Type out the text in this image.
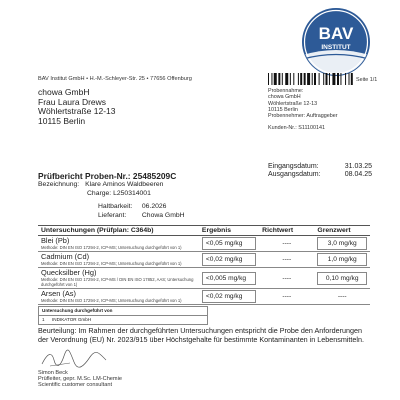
BAV
INSTITUT
BAV Institut GmbH • H.-M.-Schleyer-Str. 25 • 77656 Offenburg	Seite 1/1
chowa GmbH
Frau Laura Drews
Wöhlertstraße 12-13
10115 Berlin
Probennahme:
chowa GmbH
Wöhlertstraße 12-13
10115 Berlin
Probennehmer: Auftraggeber
Kunden-Nr.: S11100141
Eingangsdatum:	31.03.25
Ausgangsdatum:	08.04.25
Prüfbericht Proben-Nr.: 25485209C
Bezeichnung: Klare Aminos Waldbeeren
Charge: L250314001
Haltbarkeit: 06.2026
Lieferant: Chowa GmbH
Untersuchungen (Prüfplan: C364b)	Ergebnis	Richtwert	Grenzwert

Blei (Pb)
Methode: DIN EN ISO 17294-2, ICP-MS; Untersuchung durchgeführt von 1)	<0,05 mg/kg	----	3,0 mg/kg

Cadmium (Cd)
Methode: DIN EN ISO 17294-2, ICP-MS; Untersuchung durchgeführt von 1)	<0,02 mg/kg	----	1,0 mg/kg

Quecksilber (Hg)
Methode: DIN EN ISO 17294-2, ICP-MS / DIN EN ISO 17852, AAS; Untersuchung durchgeführt von 1)	<0,005 mg/kg	----	0,10 mg/kg

Arsen (As)
Methode: DIN EN ISO 17294-2, ICP-MS; Untersuchung durchgeführt von 1)	<0,02 mg/kg	----	----
Untersuchung durchgeführt von
1	INDIKATOR GmbH
Beurteilung: Im Rahmen der durchgeführten Untersuchungen entspricht die Probe den Anforderungen der Verordnung (EU) Nr. 2023/915 über Höchstgehalte für bestimmte Kontaminanten in Lebensmitteln.
Simon Beck
Prüfleiter, gepr. M.Sc. LM-Chemie
Scientific customer consultant
